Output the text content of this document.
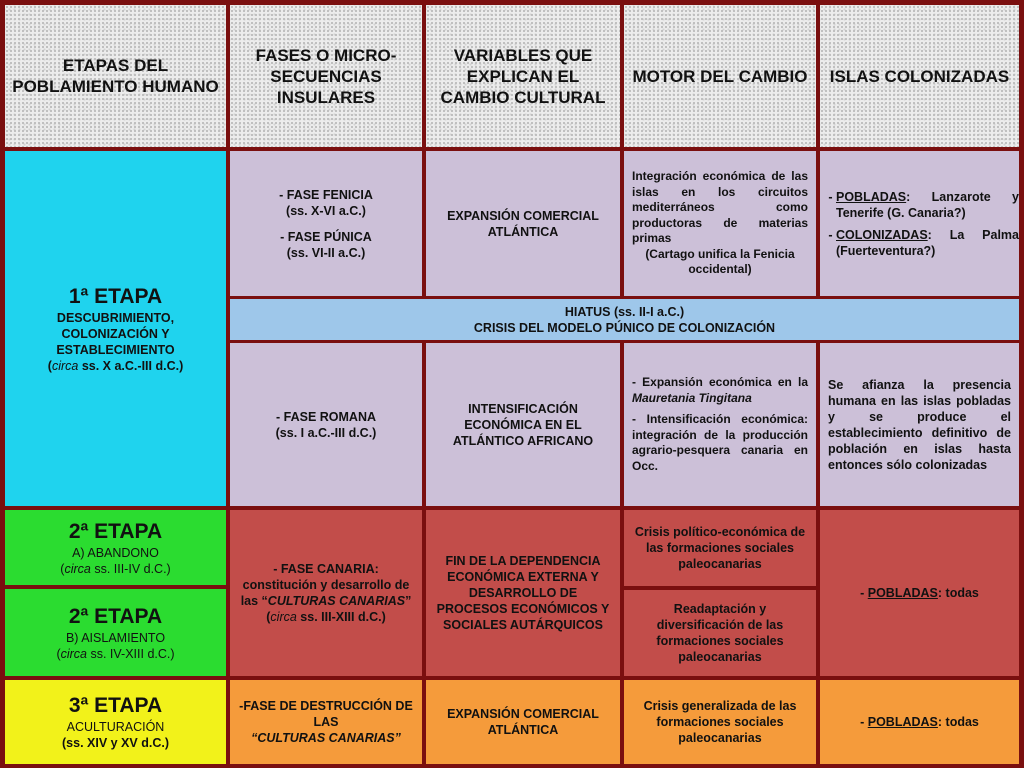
ETAPAS DEL POBLAMIENTO HUMANO
FASES O MICRO-SECUENCIAS INSULARES
VARIABLES QUE EXPLICAN EL CAMBIO CULTURAL
MOTOR DEL CAMBIO ISLAS COLONIZADAS

1ª ETAPA

DESCUBRIMIENTO, COLONIZACIÓN Y ESTABLECIMIENTO

(circa ss. X a.C.-III d.C.)

- FASE FENICIA

(ss. X-VI a.C.)

- FASE PÚNICA

(ss. VI-II a.C.)

EXPANSIÓN COMERCIAL ATLÁNTICA

Integración económica de las islas en los circuitos mediterráneos como productoras de materias primas

(Cartago unifica la Fenicia occidental)

- POBLADAS: Lanzarote y Tenerife (G. Canaria?)
- COLONIZADAS: La Palma (Fuerteventura?)

HIATUS (ss. II-I a.C.)

CRISIS DEL MODELO PÚNICO DE COLONIZACIÓN

- FASE ROMANA

(ss. I a.C.-III d.C.)

INTENSIFICACIÓN ECONÓMICA EN EL ATLÁNTICO AFRICANO

- Expansión económica en la Mauretania Tingitana

- Intensificación económica: integración de la producción agrario-pesquera canaria en Occ.

Se afianza la presencia humana en las islas pobladas y se produce el establecimiento definitivo de población en islas hasta entonces sólo colonizadas

2ª ETAPA

A) ABANDONO

(circa ss. III-IV d.C.)

2ª ETAPA

B) AISLAMIENTO

(circa ss. IV-XIII d.C.)

- FASE CANARIA: constitución y desarrollo de las “CULTURAS CANARIAS”

(circa ss. III-XIII d.C.)

FIN DE LA DEPENDENCIA ECONÓMICA EXTERNA Y DESARROLLO DE PROCESOS ECONÓMICOS Y SOCIALES AUTÁRQUICOS

Crisis político-económica de las formaciones sociales paleocanarias

Readaptación y diversificación de las formaciones sociales paleocanarias

- POBLADAS: todas

3ª ETAPA

ACULTURACIÓN

(ss. XIV y XV d.C.)

-FASE DE DESTRUCCIÓN DE LAS

“CULTURAS CANARIAS”

EXPANSIÓN COMERCIAL ATLÁNTICA

Crisis generalizada de las formaciones sociales paleocanarias

- POBLADAS: todas
